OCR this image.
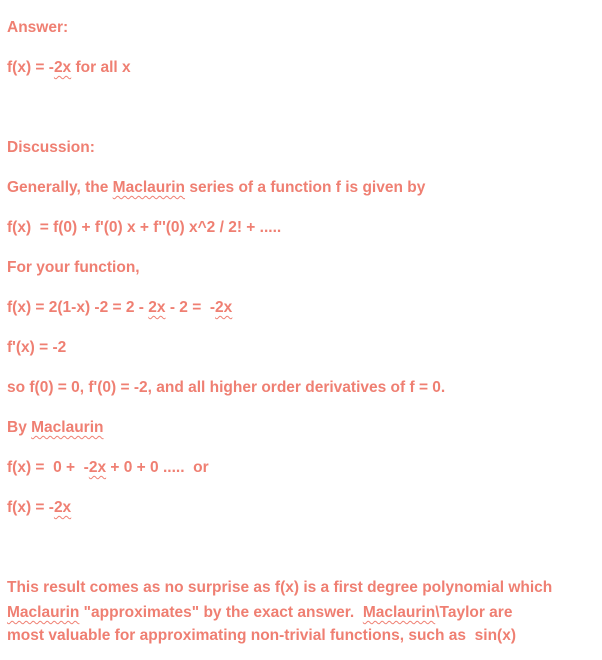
Answer:
f(x) = -2x for all x
Discussion:
Generally, the Maclaurin series of a function f is given by
f(x)  = f(0) + f'(0) x + f''(0) x^2 / 2! + .....
For your function,
f(x) = 2(1-x) -2 = 2 - 2x - 2 =  -2x
f'(x) = -2
so f(0) = 0, f'(0) = -2, and all higher order derivatives of f = 0.
By Maclaurin
f(x) =  0 +  -2x + 0 + 0 .....  or
f(x) = -2x
This result comes as no surprise as f(x) is a first degree polynomial which
Maclaurin "approximates" by the exact answer.  Maclaurin\Taylor are
most valuable for approximating non-trivial functions, such as  sin(x)
